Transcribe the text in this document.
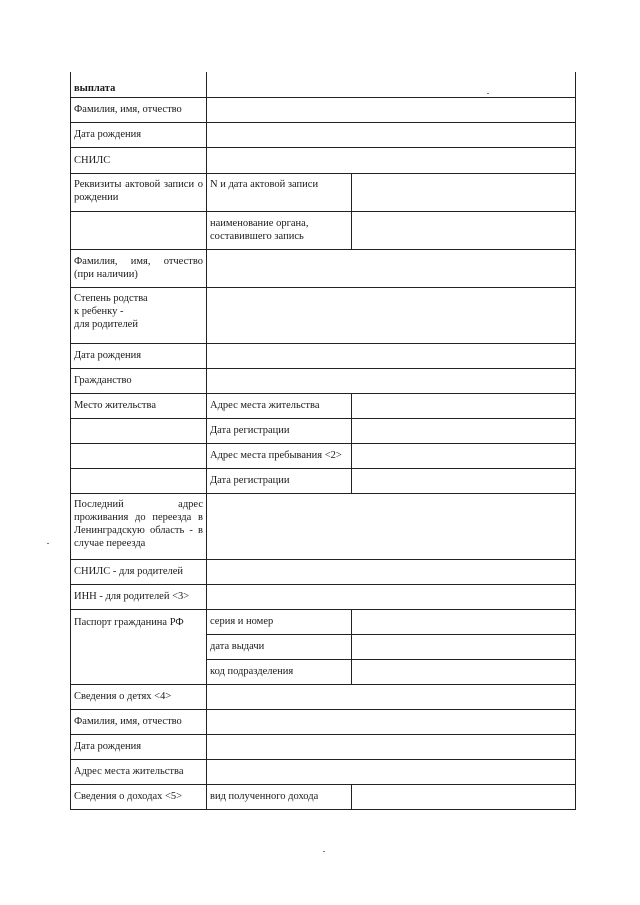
выплата		
Фамилия, имя, отчество		
Дата рождения		
СНИЛС		
Реквизиты актовой записи о рождении	N и дата актовой записи	
	наименование органа, составившего запись	
Фамилия, имя, отчество (при наличии)		
Степень родства
к ребенку -
для родителей		
Дата рождения		
Гражданство		
Место жительства	Адрес места жительства	
	Дата регистрации	
	Адрес места пребывания <2>	
	Дата регистрации	
Последний адрес проживания до переезда в Ленинградскую область - в случае переезда		
СНИЛС - для родителей		
ИНН - для родителей <3>		
Паспорт гражданина РФ	серия и номер	
	дата выдачи	
	код подразделения	
Сведения о детях <4>		
Фамилия, имя, отчество		
Дата рождения		
Адрес места жительства		
Сведения о доходах <5>	вид полученного дохода	
